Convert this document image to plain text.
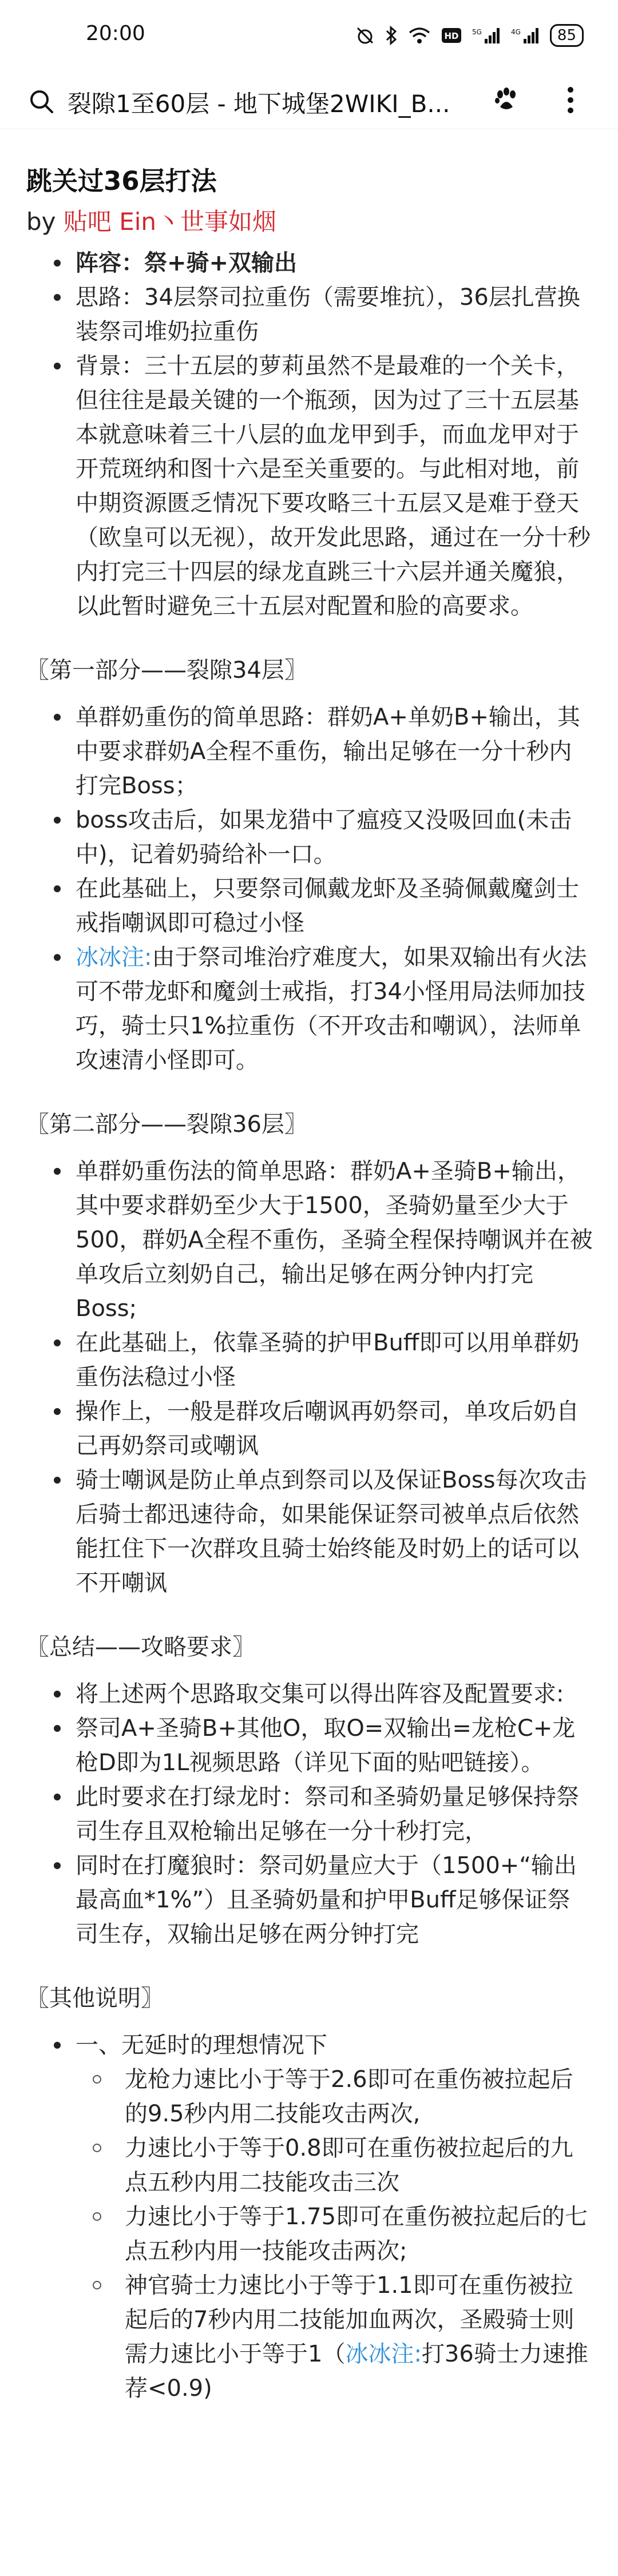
20:00	HD 5G	4G	85
裂隙1至60层 - 地下城堡2WIKI_B...
跳关过36层打法
by 贴吧 Ein丶世事如烟
阵容：祭+骑+双输出
思路：34层祭司拉重伤（需要堆抗），36层扎营换装祭司堆奶拉重伤
背景：三十五层的萝莉虽然不是最难的一个关卡，但往往是最关键的一个瓶颈，因为过了三十五层基本就意味着三十八层的血龙甲到手，而血龙甲对于开荒斑纳和图十六是至关重要的。与此相对地，前中期资源匮乏情况下要攻略三十五层又是难于登天（欧皇可以无视），故开发此思路，通过在一分十秒内打完三十四层的绿龙直跳三十六层并通关魔狼，以此暂时避免三十五层对配置和脸的高要求。
〖第一部分——裂隙34层〗
单群奶重伤的简单思路：群奶A+单奶B+输出，其中要求群奶A全程不重伤，输出足够在一分十秒内打完Boss；
boss攻击后，如果龙猎中了瘟疫又没吸回血(未击中)，记着奶骑给补一口。
在此基础上，只要祭司佩戴龙虾及圣骑佩戴魔剑士戒指嘲讽即可稳过小怪
冰冰注:由于祭司堆治疗难度大，如果双输出有火法可不带龙虾和魔剑士戒指，打34小怪用局法师加技巧，骑士只1%拉重伤（不开攻击和嘲讽），法师单攻速清小怪即可。
〖第二部分——裂隙36层〗
单群奶重伤法的简单思路：群奶A+圣骑B+输出，其中要求群奶至少大于1500，圣骑奶量至少大于500，群奶A全程不重伤，圣骑全程保持嘲讽并在被单攻后立刻奶自己，输出足够在两分钟内打完Boss;
在此基础上，依靠圣骑的护甲Buff即可以用单群奶重伤法稳过小怪
操作上，一般是群攻后嘲讽再奶祭司，单攻后奶自己再奶祭司或嘲讽
骑士嘲讽是防止单点到祭司以及保证Boss每次攻击后骑士都迅速待命，如果能保证祭司被单点后依然能扛住下一次群攻且骑士始终能及时奶上的话可以不开嘲讽
〖总结——攻略要求〗
将上述两个思路取交集可以得出阵容及配置要求:
祭司A+圣骑B+其他O，取O=双输出=龙枪C+龙枪D即为1L视频思路（详见下面的贴吧链接）。
此时要求在打绿龙时：祭司和圣骑奶量足够保持祭司生存且双枪输出足够在一分十秒打完，
同时在打魔狼时：祭司奶量应大于（1500+“输出最高血*1%”）且圣骑奶量和护甲Buff足够保证祭司生存，双输出足够在两分钟打完
〖其他说明〗
一、无延时的理想情况下
龙枪力速比小于等于2.6即可在重伤被拉起后的9.5秒内用二技能攻击两次,
力速比小于等于0.8即可在重伤被拉起后的九点五秒内用二技能攻击三次
力速比小于等于1.75即可在重伤被拉起后的七点五秒内用一技能攻击两次;
神官骑士力速比小于等于1.1即可在重伤被拉起后的7秒内用二技能加血两次，圣殿骑士则需力速比小于等于1（冰冰注:打36骑士力速推荐<0.9)
